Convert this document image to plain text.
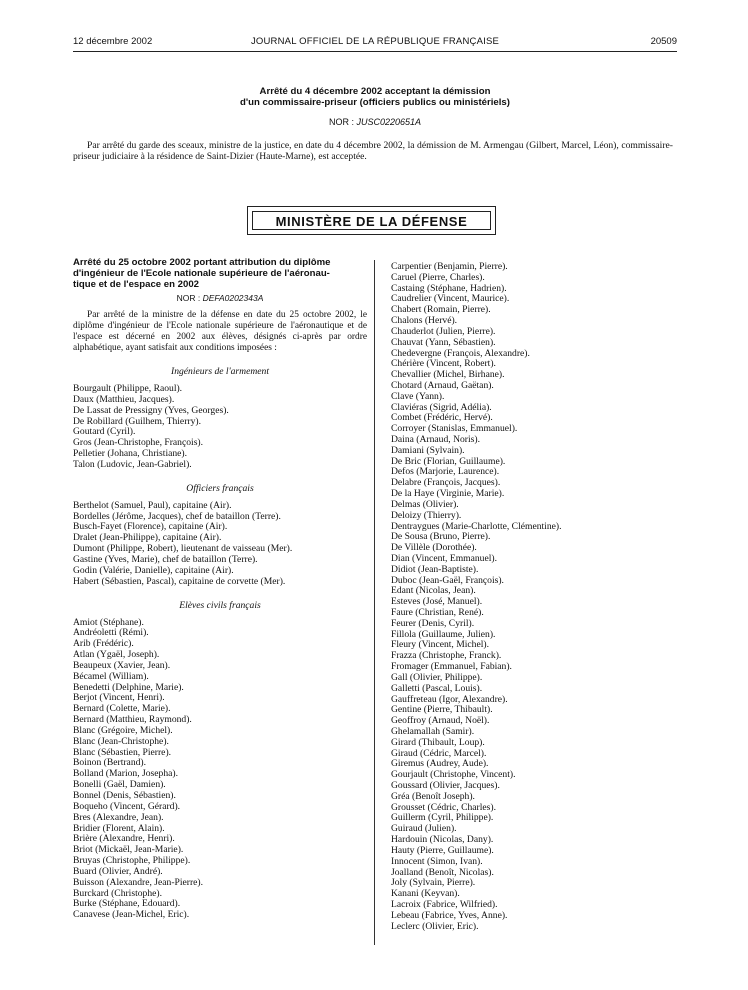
12 décembre 2002	JOURNAL OFFICIEL DE LA RÉPUBLIQUE FRANÇAISE	20509
Arrêté du 4 décembre 2002 acceptant la démission
d'un commissaire-priseur (officiers publics ou ministériels)
NOR : JUSC0220651A

Par arrêté du garde des sceaux, ministre de la justice, en date du 4 décembre 2002, la démission de M. Armengau (Gilbert, Marcel, Léon), commissaire-priseur judiciaire à la résidence de Saint-Dizier (Haute-Marne), est acceptée.

MINISTÈRE DE LA DÉFENSE
Arrêté du 25 octobre 2002 portant attribution du diplôme
d'ingénieur de l'Ecole nationale supérieure de l'aéronau-
tique et de l'espace en 2002
NOR : DEFA0202343A

Par arrêté de la ministre de la défense en date du 25 octobre 2002, le diplôme d'ingénieur de l'Ecole nationale supérieure de l'aéronautique et de l'espace est décerné en 2002 aux élèves, désignés ci-après par ordre alphabétique, ayant satisfait aux conditions imposées :

Ingénieurs de l'armement
Bourgault (Philippe, Raoul).
Daux (Matthieu, Jacques).
De Lassat de Pressigny (Yves, Georges).
De Robillard (Guilhem, Thierry).
Goutard (Cyril).
Gros (Jean-Christophe, François).
Pelletier (Johana, Christiane).
Talon (Ludovic, Jean-Gabriel).
Officiers français
Berthelot (Samuel, Paul), capitaine (Air).
Bordelles (Jérôme, Jacques), chef de bataillon (Terre).
Busch-Fayet (Florence), capitaine (Air).
Dralet (Jean-Philippe), capitaine (Air).
Dumont (Philippe, Robert), lieutenant de vaisseau (Mer).
Gastine (Yves, Marie), chef de bataillon (Terre).
Godin (Valérie, Danielle), capitaine (Air).
Habert (Sébastien, Pascal), capitaine de corvette (Mer).
Elèves civils français
Amiot (Stéphane).
Andréoletti (Rémi).
Arib (Frédéric).
Atlan (Ygaël, Joseph).
Beaupeux (Xavier, Jean).
Bécamel (William).
Benedetti (Delphine, Marie).
Berjot (Vincent, Henri).
Bernard (Colette, Marie).
Bernard (Matthieu, Raymond).
Blanc (Grégoire, Michel).
Blanc (Jean-Christophe).
Blanc (Sébastien, Pierre).
Boinon (Bertrand).
Bolland (Marion, Josepha).
Bonelli (Gaël, Damien).
Bonnel (Denis, Sébastien).
Boqueho (Vincent, Gérard).
Bres (Alexandre, Jean).
Bridier (Florent, Alain).
Brière (Alexandre, Henri).
Briot (Mickaël, Jean-Marie).
Bruyas (Christophe, Philippe).
Buard (Olivier, André).
Buisson (Alexandre, Jean-Pierre).
Burckard (Christophe).
Burke (Stéphane, Edouard).
Canavese (Jean-Michel, Eric).
Carpentier (Benjamin, Pierre).
Caruel (Pierre, Charles).
Castaing (Stéphane, Hadrien).
Caudrelier (Vincent, Maurice).
Chabert (Romain, Pierre).
Chalons (Hervé).
Chauderlot (Julien, Pierre).
Chauvat (Yann, Sébastien).
Chedevergne (François, Alexandre).
Chérière (Vincent, Robert).
Chevallier (Michel, Birhane).
Chotard (Arnaud, Gaëtan).
Clave (Yann).
Claviéras (Sigrid, Adélia).
Combet (Frédéric, Hervé).
Corroyer (Stanislas, Emmanuel).
Daina (Arnaud, Noris).
Damiani (Sylvain).
De Bric (Florian, Guillaume).
Defos (Marjorie, Laurence).
Delabre (François, Jacques).
De la Haye (Virginie, Marie).
Delmas (Olivier).
Deloizy (Thierry).
Dentraygues (Marie-Charlotte, Clémentine).
De Sousa (Bruno, Pierre).
De Villèle (Dorothée).
Dian (Vincent, Emmanuel).
Didiot (Jean-Baptiste).
Duboc (Jean-Gaël, François).
Edant (Nicolas, Jean).
Esteves (José, Manuel).
Faure (Christian, René).
Feurer (Denis, Cyril).
Fillola (Guillaume, Julien).
Fleury (Vincent, Michel).
Frazza (Christophe, Franck).
Fromager (Emmanuel, Fabian).
Gall (Olivier, Philippe).
Galletti (Pascal, Louis).
Gauffreteau (Igor, Alexandre).
Gentine (Pierre, Thibault).
Geoffroy (Arnaud, Noël).
Ghelamallah (Samir).
Girard (Thibault, Loup).
Giraud (Cédric, Marcel).
Giremus (Audrey, Aude).
Gourjault (Christophe, Vincent).
Goussard (Olivier, Jacques).
Gréa (Benoît Joseph).
Grousset (Cédric, Charles).
Guillerm (Cyril, Philippe).
Guiraud (Julien).
Hardouin (Nicolas, Dany).
Hauty (Pierre, Guillaume).
Innocent (Simon, Ivan).
Joalland (Benoît, Nicolas).
Joly (Sylvain, Pierre).
Kanani (Keyvan).
Lacroix (Fabrice, Wilfried).
Lebeau (Fabrice, Yves, Anne).
Leclerc (Olivier, Eric).
